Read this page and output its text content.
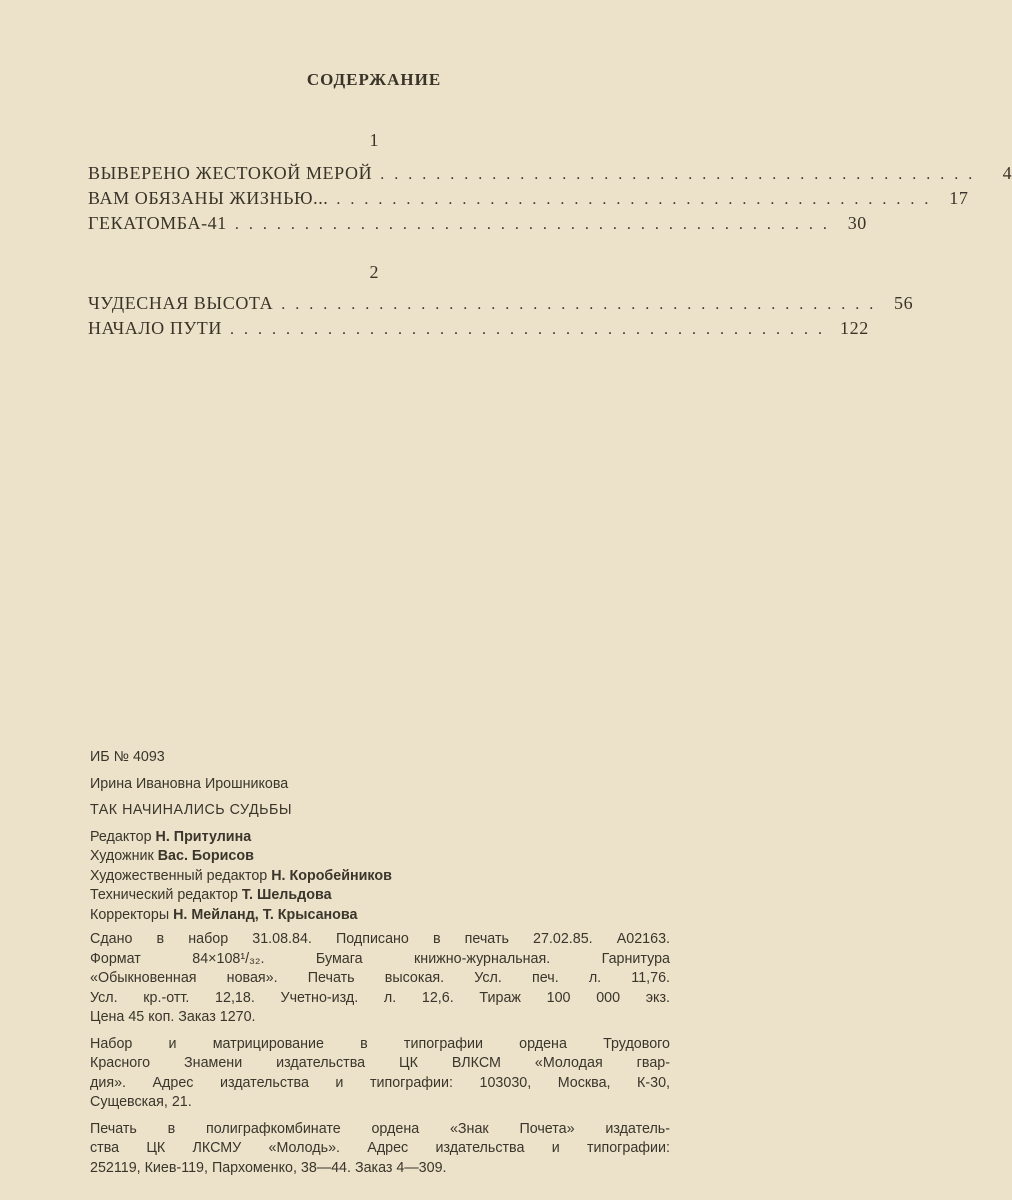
СОДЕРЖАНИЕ
1
ВЫВЕРЕНО ЖЕСТОКОЙ МЕРОЙ ...........................................	4
ВАМ ОБЯЗАНЫ ЖИЗНЬЮ... ........................................... 17
ГЕКАТОМБА-41 ........................................... 30
2
ЧУДЕСНАЯ ВЫСОТА ........................................... 56
НАЧАЛО ПУТИ ........................................... 122
ИБ № 4093
Ирина Ивановна Ирошникова
ТАК НАЧИНАЛИСЬ СУДЬБЫ
Редактор Н. Притулина
Художник Вас. Борисов
Художественный редактор Н. Коробейников
Технический редактор Т. Шельдова
Корректоры Н. Мейланд, Т. Крысанова
Сдано в набор 31.08.84. Подписано в печать 27.02.85. А02163.
Формат 84×108¹/₃₂. Бумага книжно-журнальная. Гарнитура
«Обыкновенная новая». Печать высокая. Усл. печ. л. 11,76.
Усл. кр.-отт. 12,18. Учетно-изд. л. 12,6. Тираж 100 000 экз.
Цена 45 коп. Заказ 1270.
Набор и матрицирование в типографии ордена Трудового
Красного Знамени издательства ЦК ВЛКСМ «Молодая гвар-
дия». Адрес издательства и типографии: 103030, Москва, К-30,
Сущевская, 21.
Печать в полиграфкомбинате ордена «Знак Почета» издатель-
ства ЦК ЛКСМУ «Молодь». Адрес издательства и типографии:
252119, Киев-119, Пархоменко, 38—44. Заказ 4—309.
